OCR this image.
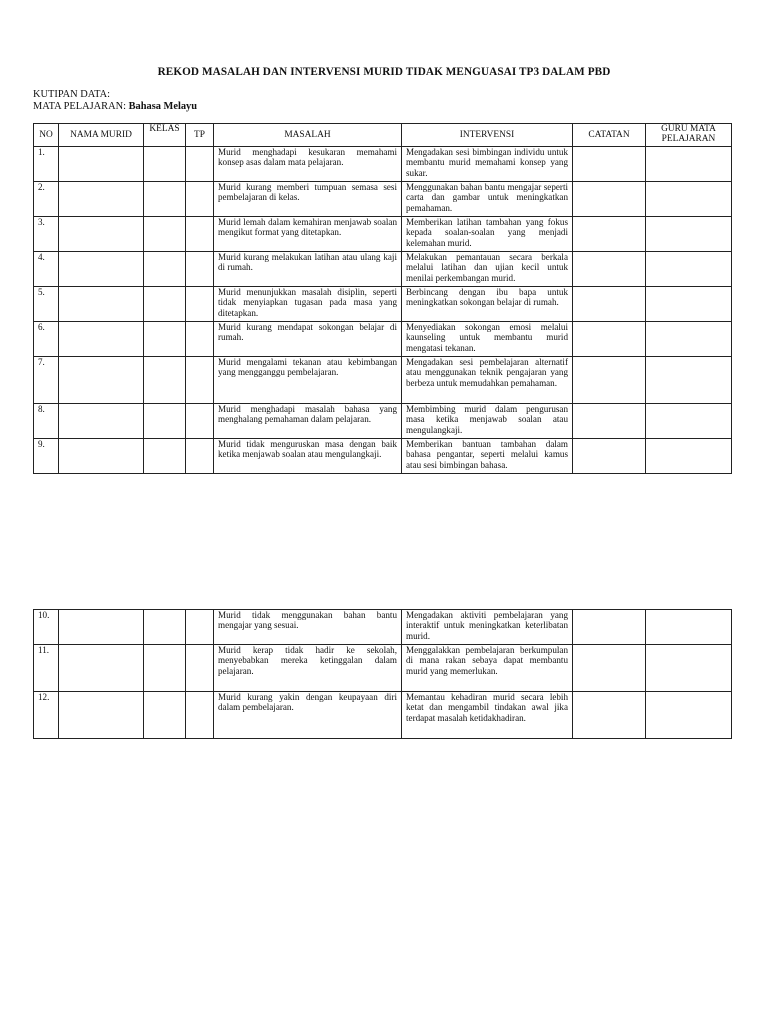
REKOD MASALAH DAN INTERVENSI MURID TIDAK MENGUASAI TP3 DALAM PBD
KUTIPAN DATA:
MATA PELAJARAN: Bahasa Melayu
NO	NAMA MURID	KELAS	TP	MASALAH	INTERVENSI	CATATAN	GURU MATA PELAJARAN
1.				Murid menghadapi kesukaran memahami konsep asas dalam mata pelajaran.	Mengadakan sesi bimbingan individu untuk membantu murid memahami konsep yang sukar.		
2.				Murid kurang memberi tumpuan semasa sesi pembelajaran di kelas.	Menggunakan bahan bantu mengajar seperti carta dan gambar untuk meningkatkan pemahaman.		
3.				Murid lemah dalam kemahiran menjawab soalan mengikut format yang ditetapkan.	Memberikan latihan tambahan yang fokus kepada soalan-soalan yang menjadi kelemahan murid.		
4.				Murid kurang melakukan latihan atau ulang kaji di rumah.	Melakukan pemantauan secara berkala melalui latihan dan ujian kecil untuk menilai perkembangan murid.		
5.				Murid menunjukkan masalah disiplin, seperti tidak menyiapkan tugasan pada masa yang ditetapkan.	Berbincang dengan ibu bapa untuk meningkatkan sokongan belajar di rumah.		
6.				Murid kurang mendapat sokongan belajar di rumah.	Menyediakan sokongan emosi melalui kaunseling untuk membantu murid mengatasi tekanan.		
7.				Murid mengalami tekanan atau kebimbangan yang mengganggu pembelajaran.	Mengadakan sesi pembelajaran alternatif atau menggunakan teknik pengajaran yang berbeza untuk memudahkan pemahaman.		
8.				Murid menghadapi masalah bahasa yang menghalang pemahaman dalam pelajaran.	Membimbing murid dalam pengurusan masa ketika menjawab soalan atau mengulangkaji.		
9.				Murid tidak menguruskan masa dengan baik ketika menjawab soalan atau mengulangkaji.	Memberikan bantuan tambahan dalam bahasa pengantar, seperti melalui kamus atau sesi bimbingan bahasa.		
10.				Murid tidak menggunakan bahan bantu mengajar yang sesuai.	Mengadakan aktiviti pembelajaran yang interaktif untuk meningkatkan keterlibatan murid.		
11.				Murid kerap tidak hadir ke sekolah, menyebabkan mereka ketinggalan dalam pelajaran.	Menggalakkan pembelajaran berkumpulan di mana rakan sebaya dapat membantu murid yang memerlukan.		
12.				Murid kurang yakin dengan keupayaan diri dalam pembelajaran.	Memantau kehadiran murid secara lebih ketat dan mengambil tindakan awal jika terdapat masalah ketidakhadiran.		
